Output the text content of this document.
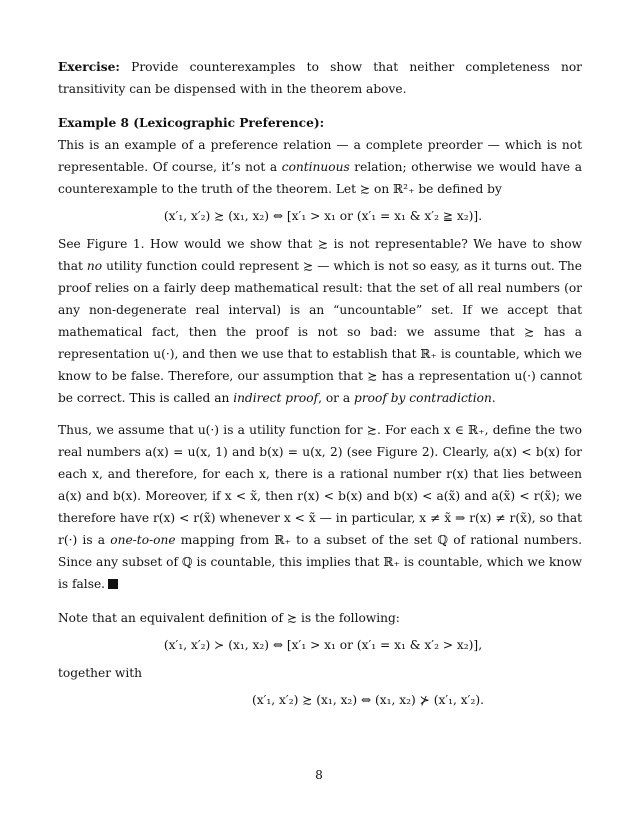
Exercise: Provide counterexamples to show that neither completeness nor transitivity can be dispensed with in the theorem above.

Example 8 (Lexicographic Preference):

This is an example of a preference relation — a complete preorder — which is not representable. Of course, it’s not a continuous relation; otherwise we would have a counterexample to the truth of the theorem. Let ≿ on ℝ²₊ be defined by

(x′₁, x′₂) ≿ (x₁, x₂) ⇔ [x′₁ > x₁ or (x′₁ = x₁ & x′₂ ≧ x₂)].

See Figure 1. How would we show that ≿ is not representable? We have to show that no utility function could represent ≿ — which is not so easy, as it turns out. The proof relies on a fairly deep mathematical result: that the set of all real numbers (or any non-degenerate real interval) is an “uncountable” set. If we accept that mathematical fact, then the proof is not so bad: we assume that ≿ has a representation u(·), and then we use that to establish that ℝ₊ is countable, which we know to be false. Therefore, our assumption that ≿ has a representation u(·) cannot be correct. This is called an indirect proof, or a proof by contradiction.

Thus, we assume that u(·) is a utility function for ≿. For each x ∈ ℝ₊, define the two real numbers a(x) = u(x, 1) and b(x) = u(x, 2) (see Figure 2). Clearly, a(x) < b(x) for each x, and therefore, for each x, there is a rational number r(x) that lies between a(x) and b(x). Moreover, if x < x̃, then r(x) < b(x) and b(x) < a(x̃) and a(x̃) < r(x̃); we therefore have r(x) < r(x̃) whenever x < x̃ — in particular, x ≠ x̃ ⇒ r(x) ≠ r(x̃), so that r(·) is a one-to-one mapping from ℝ₊ to a subset of the set ℚ of rational numbers. Since any subset of ℚ is countable, this implies that ℝ₊ is countable, which we know is false.

Note that an equivalent definition of ≿ is the following:

(x′₁, x′₂) ≻ (x₁, x₂) ⇔ [x′₁ > x₁ or (x′₁ = x₁ & x′₂ > x₂)],

together with

(x′₁, x′₂) ≿ (x₁, x₂) ⇔ (x₁, x₂) ⊁ (x′₁, x′₂).
8
